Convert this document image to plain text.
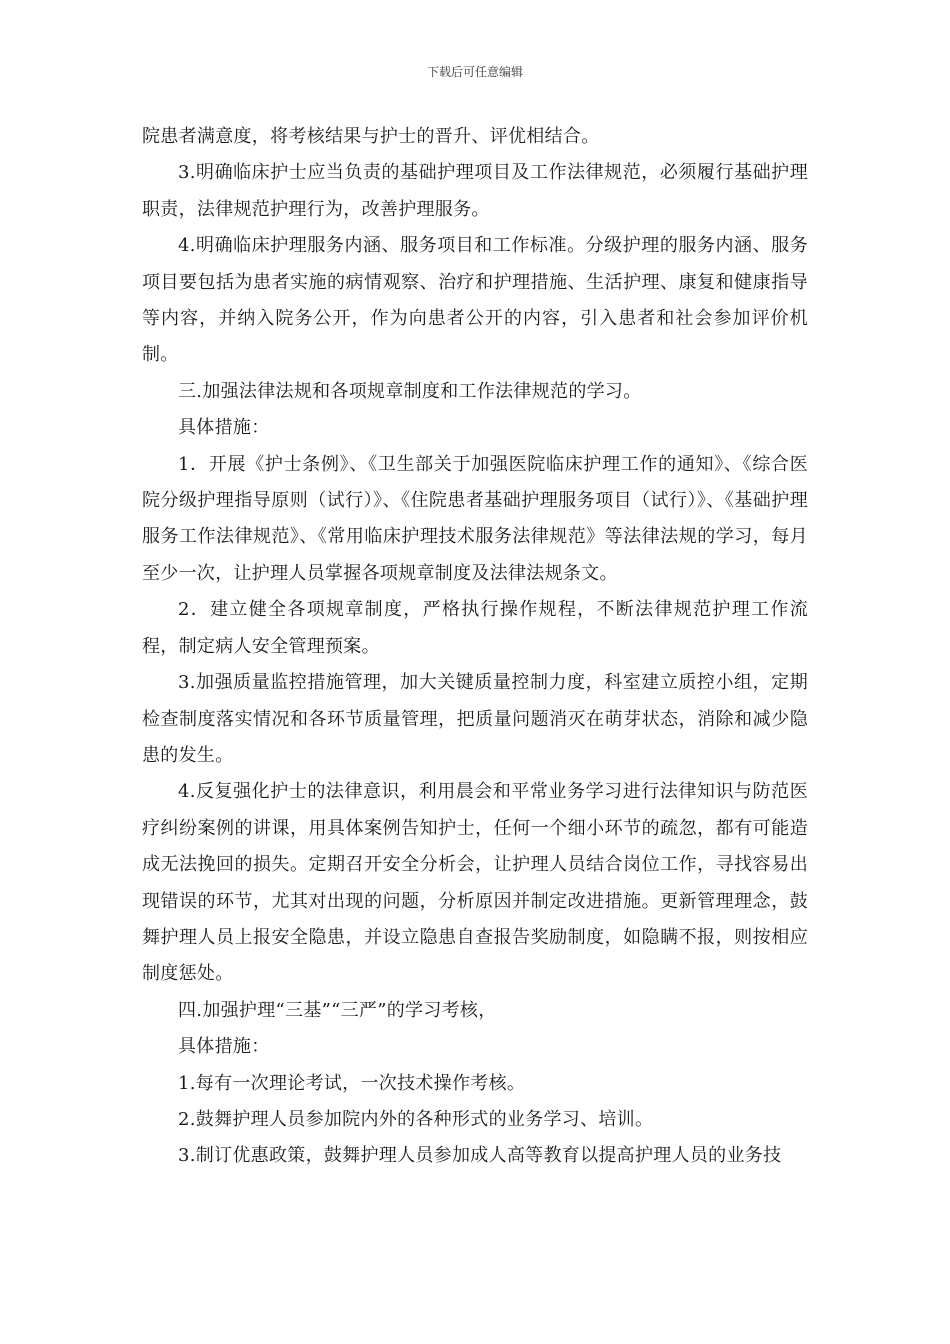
下载后可任意编辑

院患者满意度，将考核结果与护士的晋升、评优相结合。

3.明确临床护士应当负责的基础护理项目及工作法律规范，必须履行基础护理职责，法律规范护理行为，改善护理服务。

4.明确临床护理服务内涵、服务项目和工作标准。分级护理的服务内涵、服务项目要包括为患者实施的病情观察、治疗和护理措施、生活护理、康复和健康指导等内容，并纳入院务公开，作为向患者公开的内容，引入患者和社会参加评价机制。

三.加强法律法规和各项规章制度和工作法律规范的学习。

具体措施：

1．开展《护士条例》、《卫生部关于加强医院临床护理工作的通知》、《综合医院分级护理指导原则（试行）》、《住院患者基础护理服务项目（试行）》、《基础护理服务工作法律规范》、《常用临床护理技术服务法律规范》等法律法规的学习，每月至少一次，让护理人员掌握各项规章制度及法律法规条文。

2．建立健全各项规章制度，严格执行操作规程，不断法律规范护理工作流程，制定病人安全管理预案。

3.加强质量监控措施管理，加大关键质量控制力度，科室建立质控小组，定期检查制度落实情况和各环节质量管理，把质量问题消灭在萌芽状态，消除和减少隐患的发生。

4.反复强化护士的法律意识，利用晨会和平常业务学习进行法律知识与防范医疗纠纷案例的讲课，用具体案例告知护士，任何一个细小环节的疏忽，都有可能造成无法挽回的损失。定期召开安全分析会，让护理人员结合岗位工作，寻找容易出现错误的环节，尤其对出现的问题，分析原因并制定改进措施。更新管理理念，鼓舞护理人员上报安全隐患，并设立隐患自查报告奖励制度，如隐瞒不报，则按相应制度惩处。

四.加强护理“三基”“三严”的学习考核，

具体措施：

1.每有一次理论考试，一次技术操作考核。

2.鼓舞护理人员参加院内外的各种形式的业务学习、培训。

3.制订优惠政策，鼓舞护理人员参加成人高等教育以提高护理人员的业务技
